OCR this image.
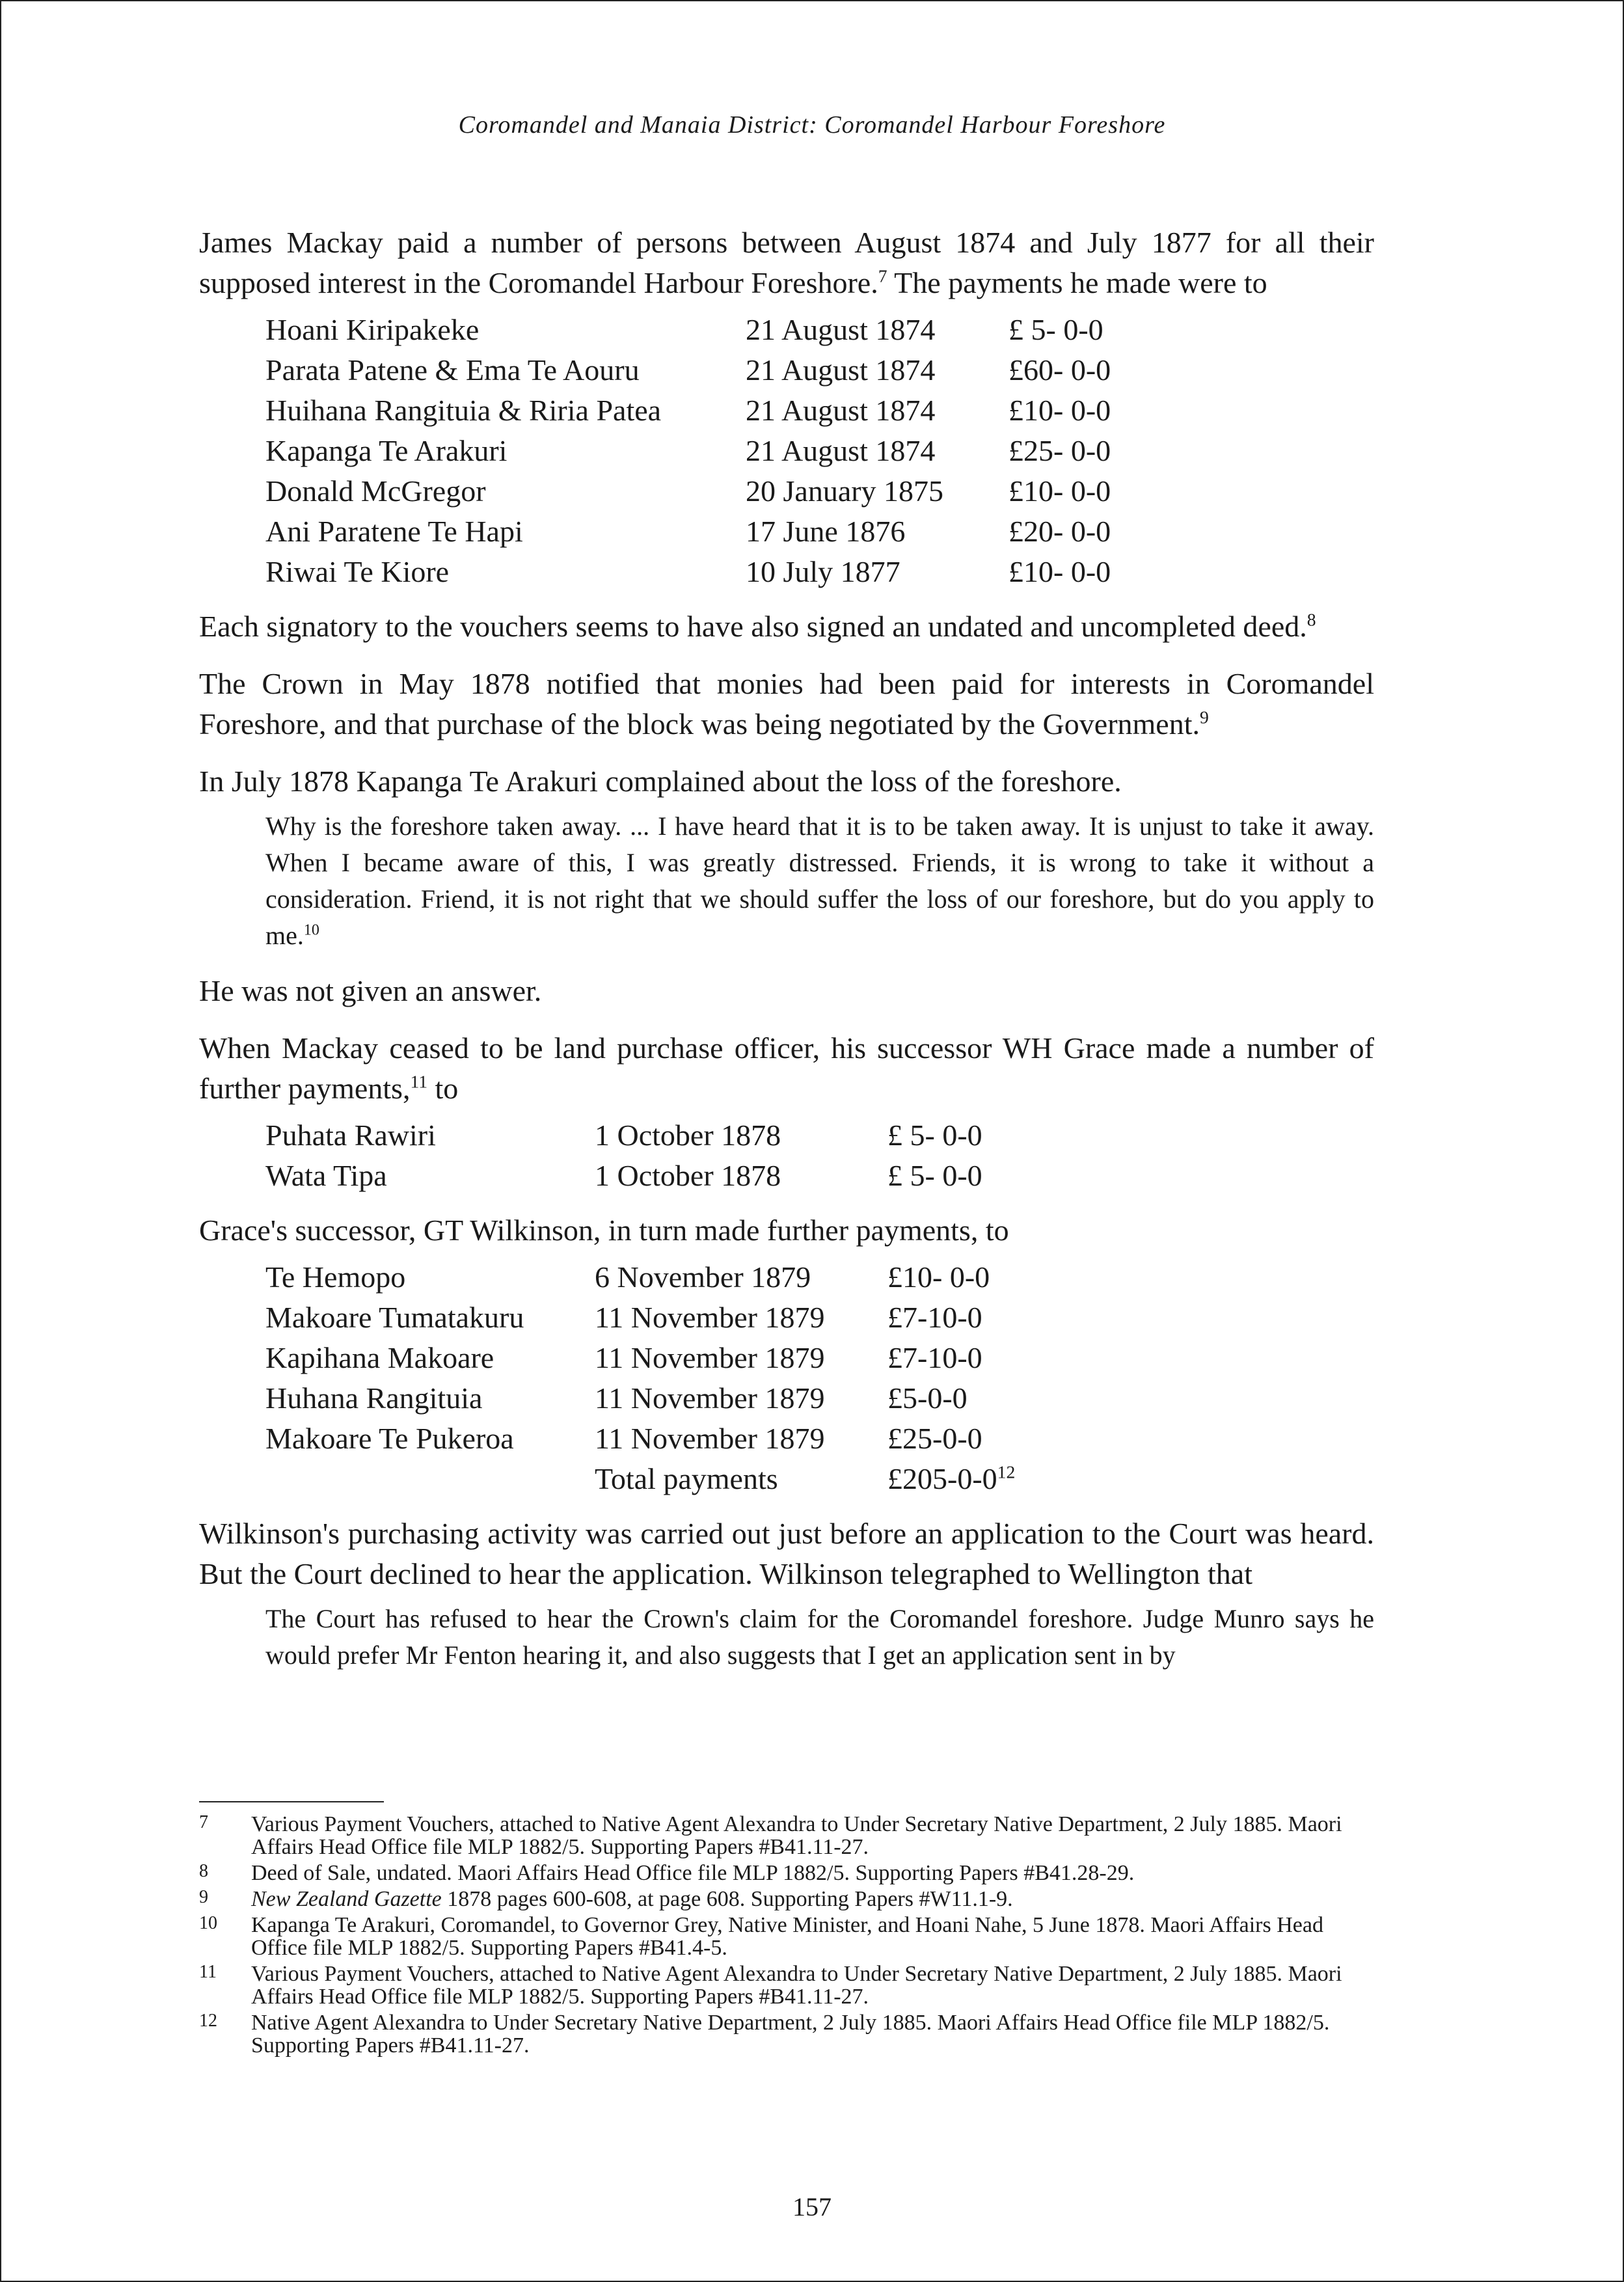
Coromandel and Manaia District: Coromandel Harbour Foreshore

James Mackay paid a number of persons between August 1874 and July 1877 for all their supposed interest in the Coromandel Harbour Foreshore.$^7$ The payments he made were to

Hoani Kiripakeke	21 August 1874	£ 5- 0-0
Parata Patene & Ema Te Aouru	21 August 1874	£60- 0-0
Huihana Rangituia & Riria Patea	21 August 1874	£10- 0-0
Kapanga Te Arakuri	21 August 1874	£25- 0-0
Donald McGregor	20 January 1875	£10- 0-0
Ani Paratene Te Hapi	17 June 1876	£20- 0-0
Riwai Te Kiore	10 July 1877	£10- 0-0

Each signatory to the vouchers seems to have also signed an undated and uncompleted deed.$^8$

The Crown in May 1878 notified that monies had been paid for interests in Coromandel Foreshore, and that purchase of the block was being negotiated by the Government.$^9$

In July 1878 Kapanga Te Arakuri complained about the loss of the foreshore.

Why is the foreshore taken away. ... I have heard that it is to be taken away. It is unjust to take it away. When I became aware of this, I was greatly distressed. Friends, it is wrong to take it without a consideration. Friend, it is not right that we should suffer the loss of our foreshore, but do you apply to me.$^{10}$

He was not given an answer.

When Mackay ceased to be land purchase officer, his successor WH Grace made a number of further payments,$^{11}$ to

Puhata Rawiri	1 October 1878	£ 5- 0-0
Wata Tipa	1 October 1878	£ 5- 0-0

Grace's successor, GT Wilkinson, in turn made further payments, to

Te Hemopo	6 November 1879	£10- 0-0
Makoare Tumatakuru	11 November 1879	£7-10-0
Kapihana Makoare	11 November 1879	£7-10-0
Huhana Rangituia	11 November 1879	£5-0-0
Makoare Te Pukeroa	11 November 1879	£25-0-0
	Total payments	$£205-0-0^{12}$

Wilkinson's purchasing activity was carried out just before an application to the Court was heard. But the Court declined to hear the application. Wilkinson telegraphed to Wellington that

The Court has refused to hear the Crown's claim for the Coromandel foreshore. Judge Munro says he would prefer Mr Fenton hearing it, and also suggests that I get an application sent in by
7	Various Payment Vouchers, attached to Native Agent Alexandra to Under Secretary Native Department, 2 July 1885. Maori Affairs Head Office file MLP 1882/5. Supporting Papers #B41.11-27.
8	Deed of Sale, undated. Maori Affairs Head Office file MLP 1882/5. Supporting Papers #B41.28-29.
9	New Zealand Gazette 1878 pages 600-608, at page 608. Supporting Papers #W11.1-9.
10	Kapanga Te Arakuri, Coromandel, to Governor Grey, Native Minister, and Hoani Nahe, 5 June 1878. Maori Affairs Head Office file MLP 1882/5. Supporting Papers #B41.4-5.
11	Various Payment Vouchers, attached to Native Agent Alexandra to Under Secretary Native Department, 2 July 1885. Maori Affairs Head Office file MLP 1882/5. Supporting Papers #B41.11-27.
12	Native Agent Alexandra to Under Secretary Native Department, 2 July 1885. Maori Affairs Head Office file MLP 1882/5. Supporting Papers #B41.11-27.
157
